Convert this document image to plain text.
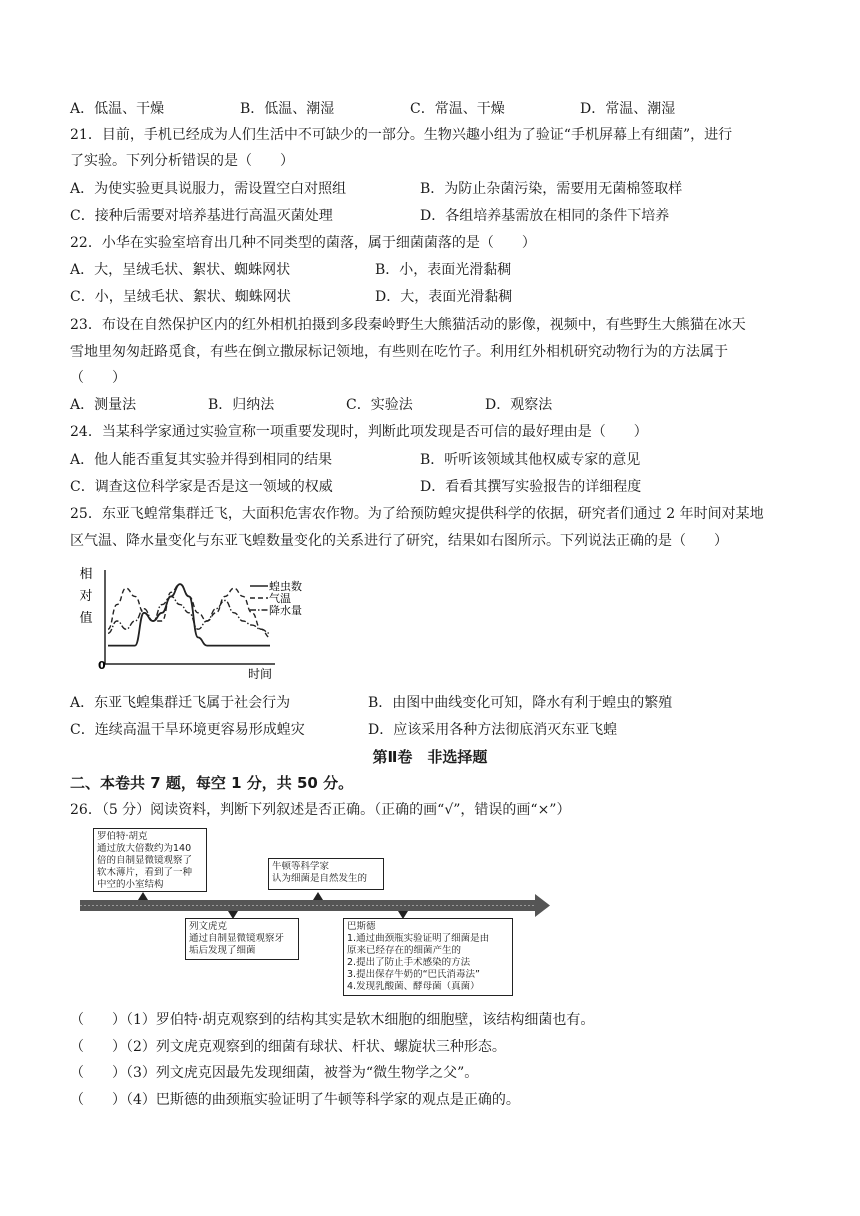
A．低温、干燥	B．低温、潮湿	C．常温、干燥	D．常温、潮湿
21．目前，手机已经成为人们生活中不可缺少的一部分。生物兴趣小组为了验证“手机屏幕上有细菌”，进行
了实验。下列分析错误的是（　　）
A．为使实验更具说服力，需设置空白对照组	B．为防止杂菌污染，需要用无菌棉签取样
C．接种后需要对培养基进行高温灭菌处理	D．各组培养基需放在相同的条件下培养
22．小华在实验室培育出几种不同类型的菌落，属于细菌菌落的是（　　）
A．大，呈绒毛状、絮状、蜘蛛网状	B．小，表面光滑黏稠
C．小，呈绒毛状、絮状、蜘蛛网状	D．大，表面光滑黏稠
23．布设在自然保护区内的红外相机拍摄到多段秦岭野生大熊猫活动的影像，视频中，有些野生大熊猫在冰天
雪地里匆匆赶路觅食，有些在倒立撒尿标记领地，有些则在吃竹子。利用红外相机研究动物行为的方法属于
（　　）
A．测量法	B．归纳法	C．实验法	D．观察法
24．当某科学家通过实验宣称一项重要发现时，判断此项发现是否可信的最好理由是（　　）
A．他人能否重复其实验并得到相同的结果	B．听听该领域其他权威专家的意见
C．调查这位科学家是否是这一领域的权威	D．看看其撰写实验报告的详细程度
25．东亚飞蝗常集群迁飞，大面积危害农作物。为了给预防蝗灾提供科学的依据，研究者们通过 2 年时间对某地
区气温、降水量变化与东亚飞蝗数量变化的关系进行了研究，结果如右图所示。下列说法正确的是（　　）
相对值
0
时间
蝗虫数
气温
降水量
A．东亚飞蝗集群迁飞属于社会行为	B．由图中曲线变化可知，降水有利于蝗虫的繁殖
C．连续高温干旱环境更容易形成蝗灾	D．应该采用各种方法彻底消灭东亚飞蝗
第Ⅱ卷　非选择题
二、本卷共 7 题，每空 1 分，共 50 分。
26．（5 分）阅读资料，判断下列叙述是否正确。（正确的画“√”，错误的画“×”）
罗伯特·胡克
通过放大倍数约为140
倍的自制显微镜观察了
软木薄片，看到了一种
中空的小室结构
牛顿等科学家
认为细菌是自然发生的
列文虎克
通过自制显微镜观察牙
垢后发现了细菌
巴斯德
1.通过曲颈瓶实验证明了细菌是由
原来已经存在的细菌产生的
2.提出了防止手术感染的方法
3.提出保存牛奶的“巴氏消毒法”
4.发现乳酸菌、酵母菌（真菌）
（　　）（1）罗伯特·胡克观察到的结构其实是软木细胞的细胞壁，该结构细菌也有。
（　　）（2）列文虎克观察到的细菌有球状、杆状、螺旋状三种形态。
（　　）（3）列文虎克因最先发现细菌，被誉为“微生物学之父”。
（　　）（4）巴斯德的曲颈瓶实验证明了牛顿等科学家的观点是正确的。
